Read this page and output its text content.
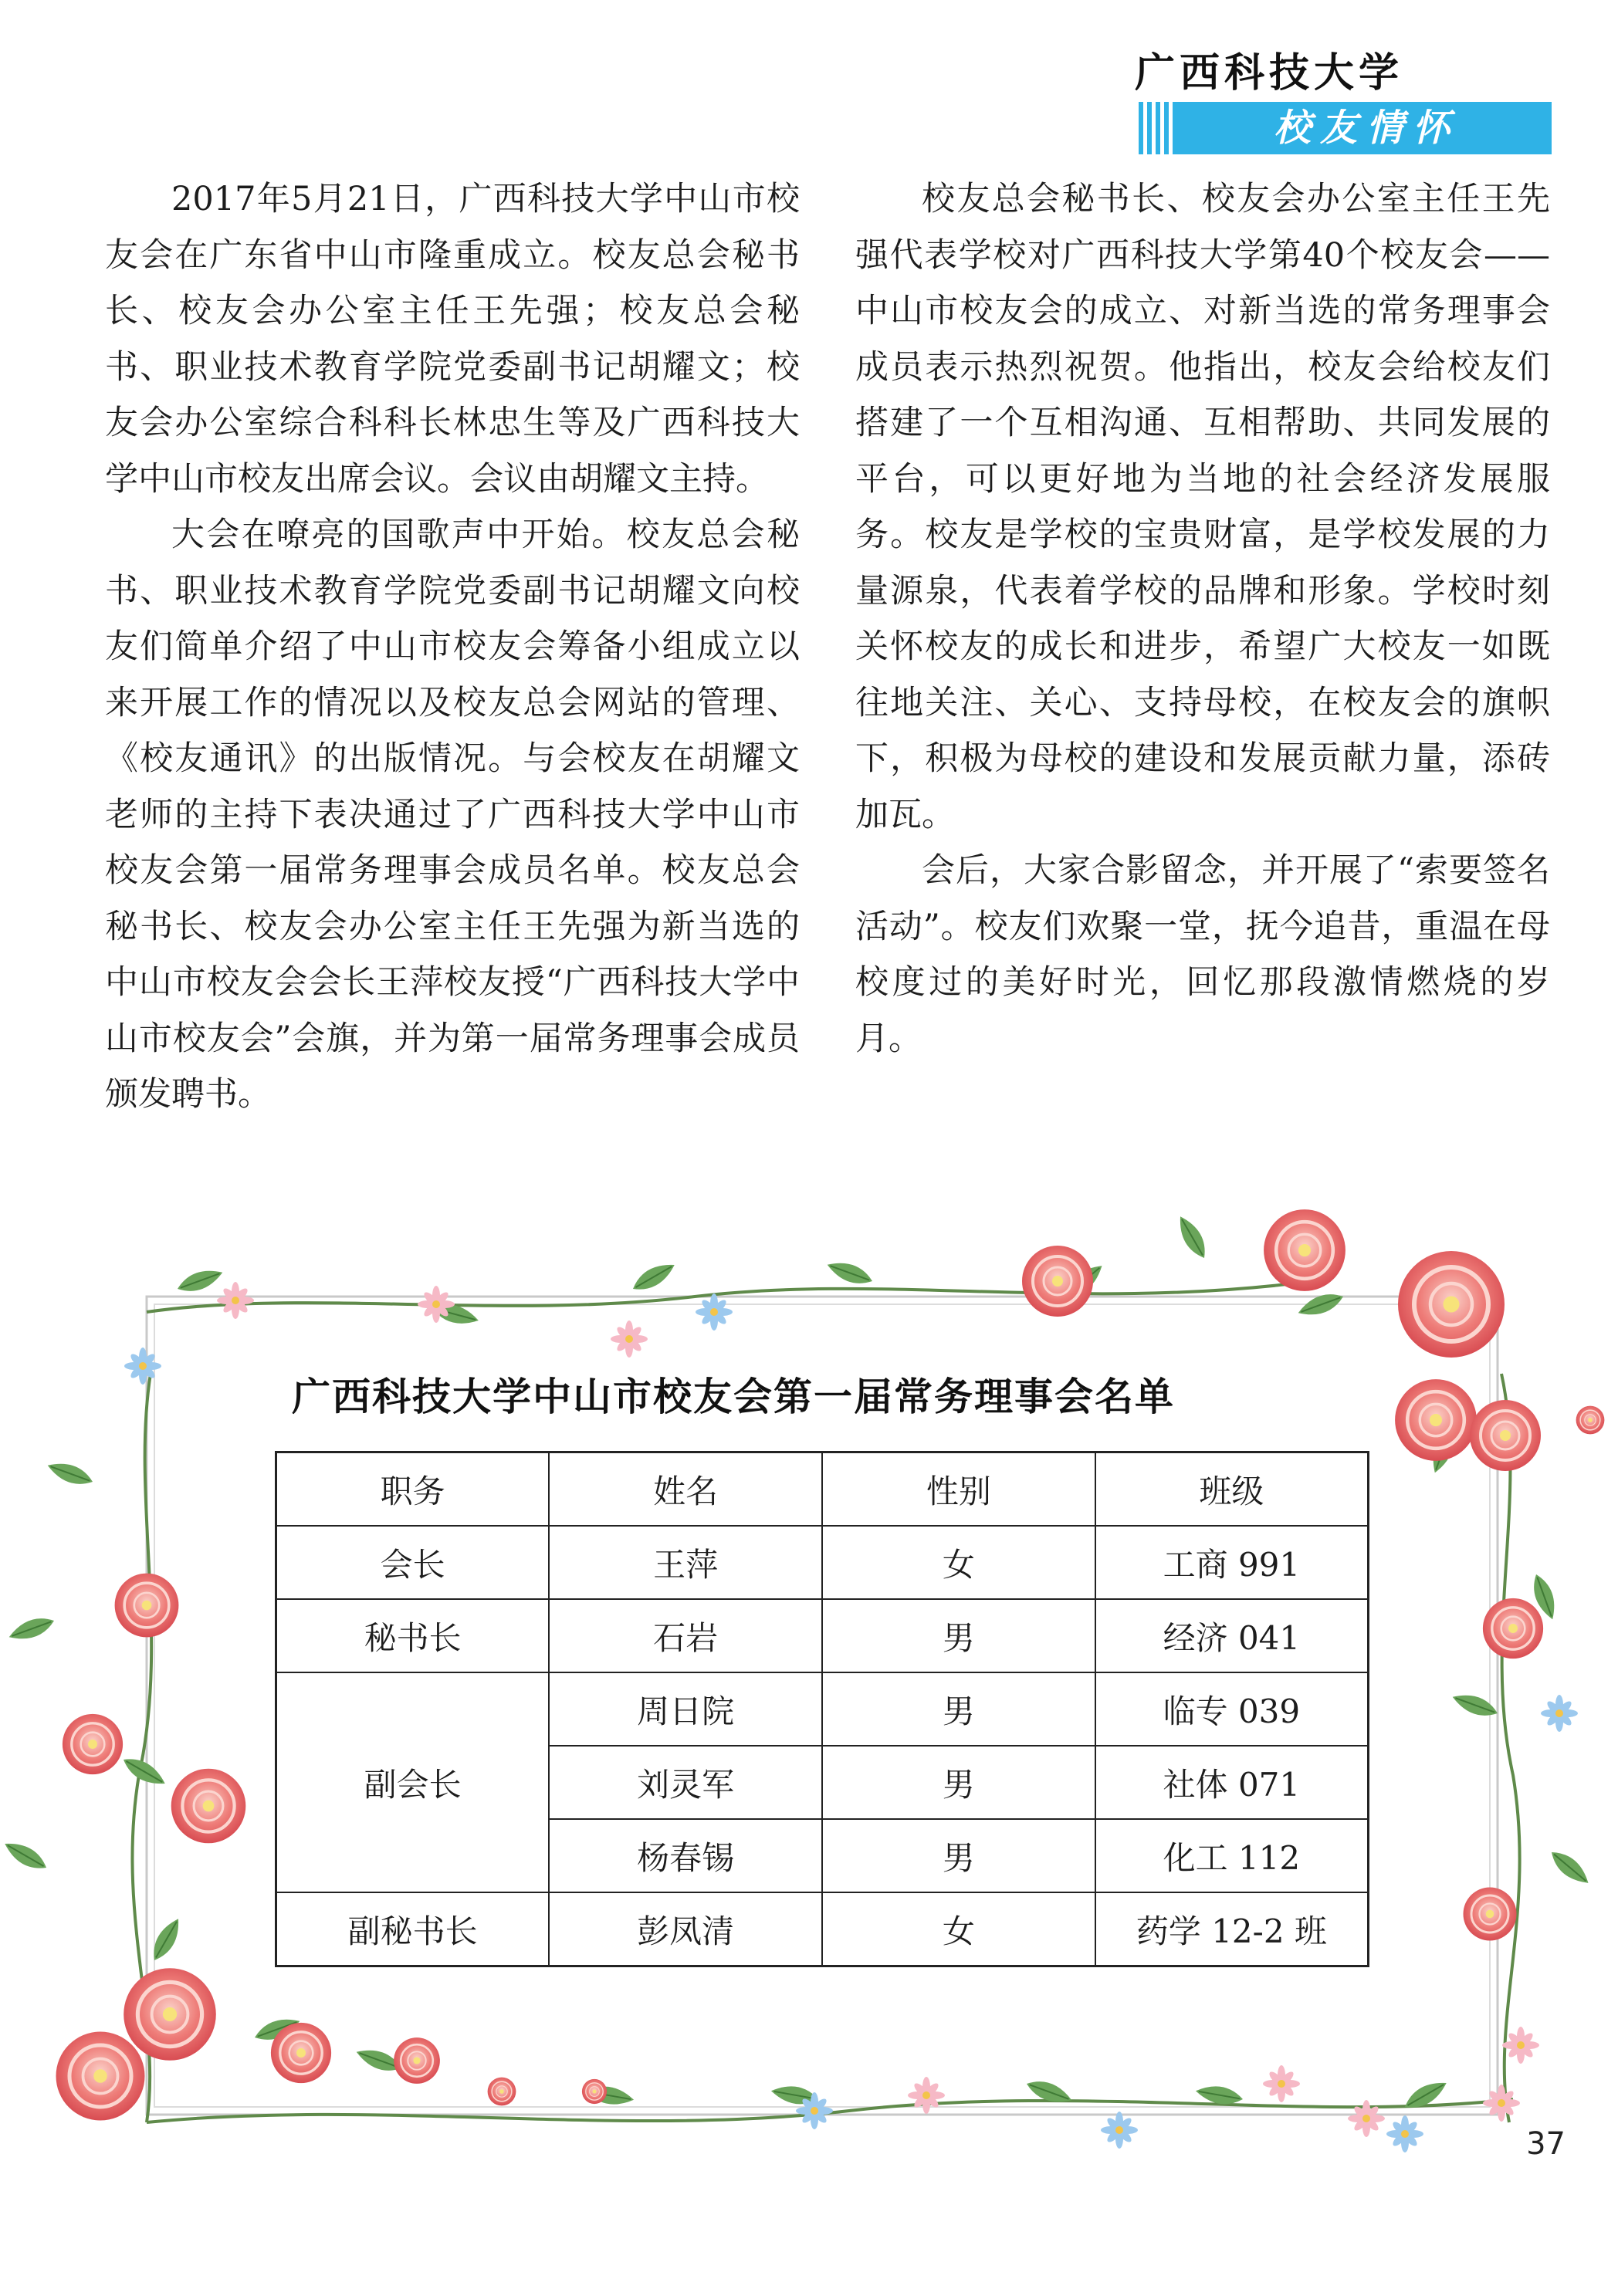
广西科技大学
校友情怀

2017年5月21日，广西科技大学中山市校友会在广东省中山市隆重成立。校友总会秘书长、校友会办公室主任王先强；校友总会秘书、职业技术教育学院党委副书记胡耀文；校友会办公室综合科科长林忠生等及广西科技大学中山市校友出席会议。会议由胡耀文主持。

大会在嘹亮的国歌声中开始。校友总会秘书、职业技术教育学院党委副书记胡耀文向校友们简单介绍了中山市校友会筹备小组成立以来开展工作的情况以及校友总会网站的管理、《校友通讯》的出版情况。与会校友在胡耀文老师的主持下表决通过了广西科技大学中山市校友会第一届常务理事会成员名单。校友总会秘书长、校友会办公室主任王先强为新当选的中山市校友会会长王萍校友授“广西科技大学中山市校友会”会旗，并为第一届常务理事会成员颁发聘书。

校友总会秘书长、校友会办公室主任王先强代表学校对广西科技大学第40个校友会——中山市校友会的成立、对新当选的常务理事会成员表示热烈祝贺。他指出，校友会给校友们搭建了一个互相沟通、互相帮助、共同发展的平台，可以更好地为当地的社会经济发展服务。校友是学校的宝贵财富，是学校发展的力量源泉，代表着学校的品牌和形象。学校时刻关怀校友的成长和进步，希望广大校友一如既往地关注、关心、支持母校，在校友会的旗帜下，积极为母校的建设和发展贡献力量，添砖加瓦。

会后，大家合影留念，并开展了“索要签名活动”。校友们欢聚一堂，抚今追昔，重温在母校度过的美好时光，回忆那段激情燃烧的岁月。

广西科技大学中山市校友会第一届常务理事会名单
职务	姓名	性别	班级
会长	王萍	女	工商 991
秘书长	石岩	男	经济 041
副会长	周日院	男	临专 039
	刘灵军	男	社体 071
	杨春锡	男	化工 112
副秘书长	彭凤清	女	药学 12-2 班
37
